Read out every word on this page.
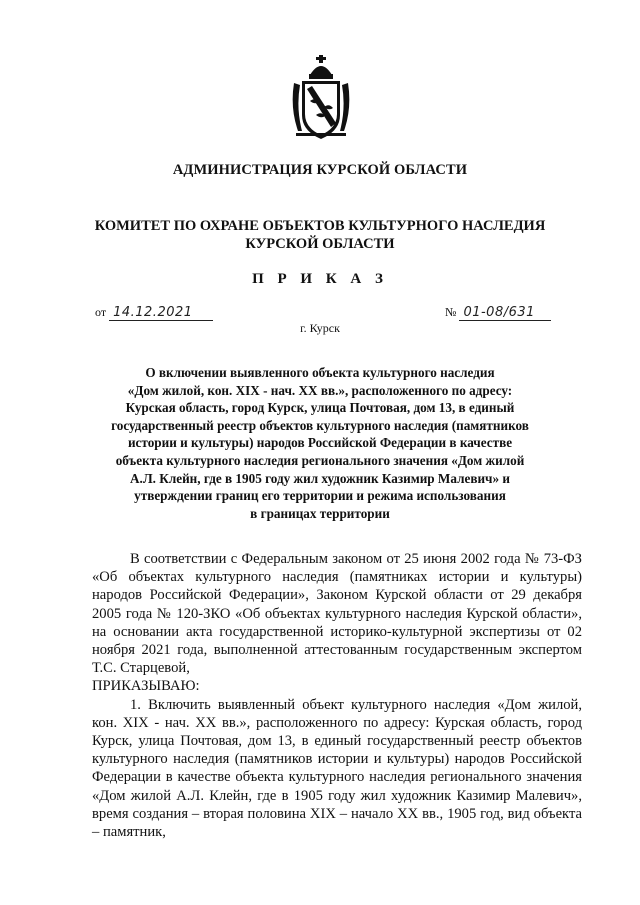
АДМИНИСТРАЦИЯ КУРСКОЙ ОБЛАСТИ
КОМИТЕТ ПО ОХРАНЕ ОБЪЕКТОВ КУЛЬТУРНОГО НАСЛЕДИЯ
КУРСКОЙ ОБЛАСТИ
П Р И К А З
от 14.12.2021	№ 01-08/631
г. Курск
О включении выявленного объекта культурного наследия
«Дом жилой, кон. XIX - нач. XX вв.», расположенного по адресу:
Курская область, город Курск, улица Почтовая, дом 13, в единый
государственный реестр объектов культурного наследия (памятников
истории и культуры) народов Российской Федерации в качестве
объекта культурного наследия регионального значения «Дом жилой
А.Л. Клейн, где в 1905 году жил художник Казимир Малевич» и
утверждении границ его территории и режима использования
в границах территории

В соответствии с Федеральным законом от 25 июня 2002 года № 73-ФЗ «Об объектах культурного наследия (памятниках истории и культуры) народов Российской Федерации», Законом Курской области от 29 декабря 2005 года № 120-ЗКО «Об объектах культурного наследия Курской области», на основании акта государственной историко-культурной экспертизы от 02 ноября 2021 года, выполненной аттестованным государственным экспертом Т.С. Старцевой,

ПРИКАЗЫВАЮ:

1. Включить выявленный объект культурного наследия «Дом жилой, кон. XIX - нач. XX вв.», расположенного по адресу: Курская область, город Курск, улица Почтовая, дом 13, в единый государственный реестр объектов культурного наследия (памятников истории и культуры) народов Российской Федерации в качестве объекта культурного наследия регионального значения «Дом жилой А.Л. Клейн, где в 1905 году жил художник Казимир Малевич», время создания – вторая половина XIX – начало XX вв., 1905 год, вид объекта – памятник,
